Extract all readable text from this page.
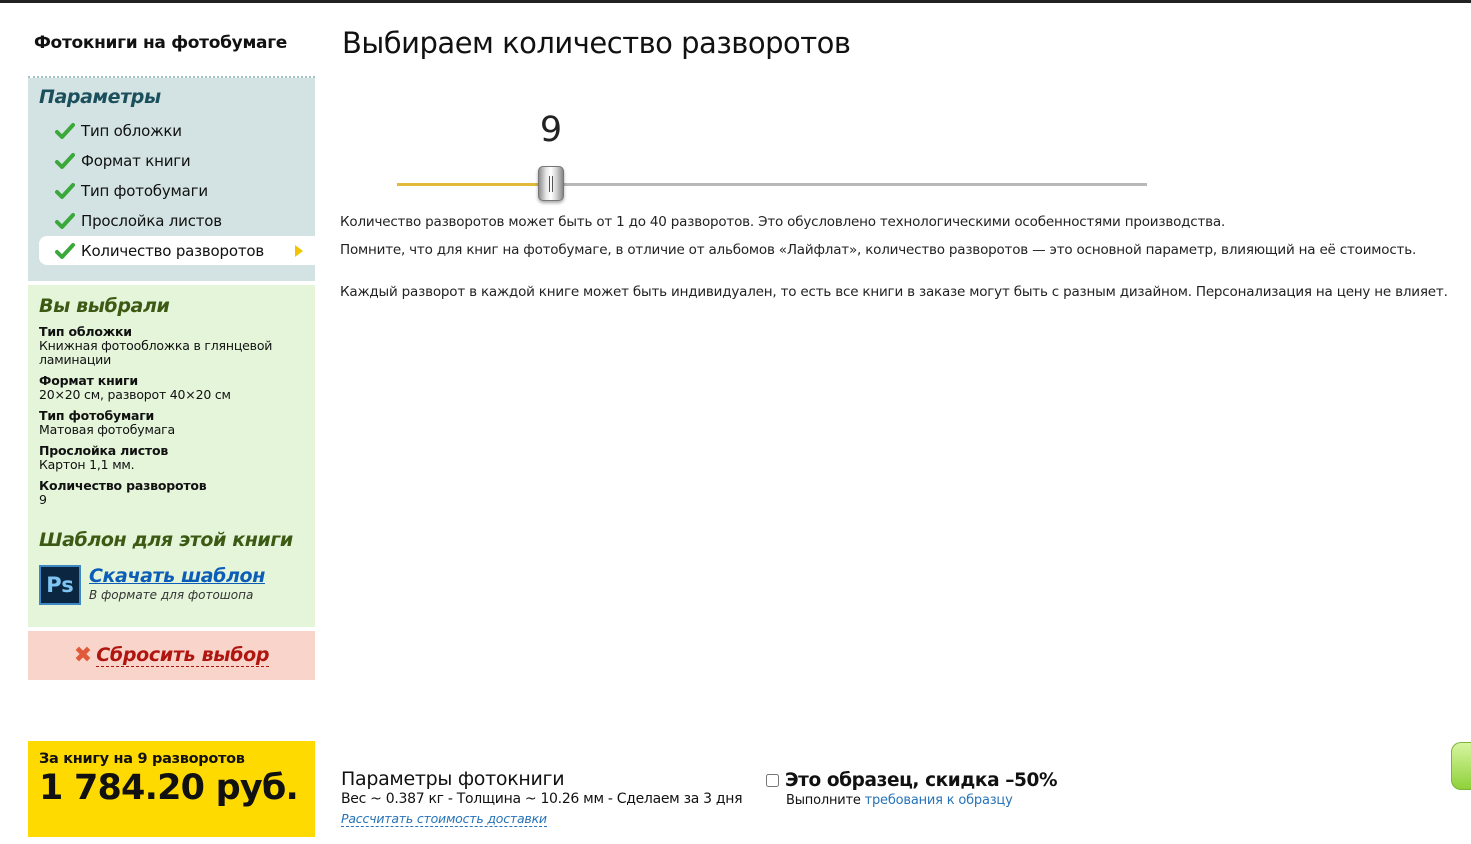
Фотокниги на фотобумаге
Параметры
Тип обложки
Формат книги
Тип фотобумаги
Прослойка листов
Количество разворотов
Вы выбрали
Тип обложки
Книжная фотообложка в глянцевой ламинации
Формат книги
20×20 см, разворот 40×20 см
Тип фотобумаги
Матовая фотобумага
Прослойка листов
Картон 1,1 мм.
Количество разворотов
9
Шаблон для этой книги
Ps Скачать шаблон
В формате для фотошопа
✖ Сбросить выбор
За книгу на 9 разворотов
1 784.20 руб.
Выбираем количество разворотов
9

Количество разворотов может быть от 1 до 40 разворотов. Это обусловлено технологическими особенностями производства.

Помните, что для книг на фотобумаге, в отличие от альбомов «Лайфлат», количество разворотов — это основной параметр, влияющий на её стоимость.

Каждый разворот в каждой книге может быть индивидуален, то есть все книги в заказе могут быть с разным дизайном. Персонализация на цену не влияет.

Параметры фотокниги
Вес ~ 0.387 кг - Толщина ~ 10.26 мм - Сделаем за 3 дня
Рассчитать стоимость доставки
Это образец, скидка –50%
Выполните требования к образцу
